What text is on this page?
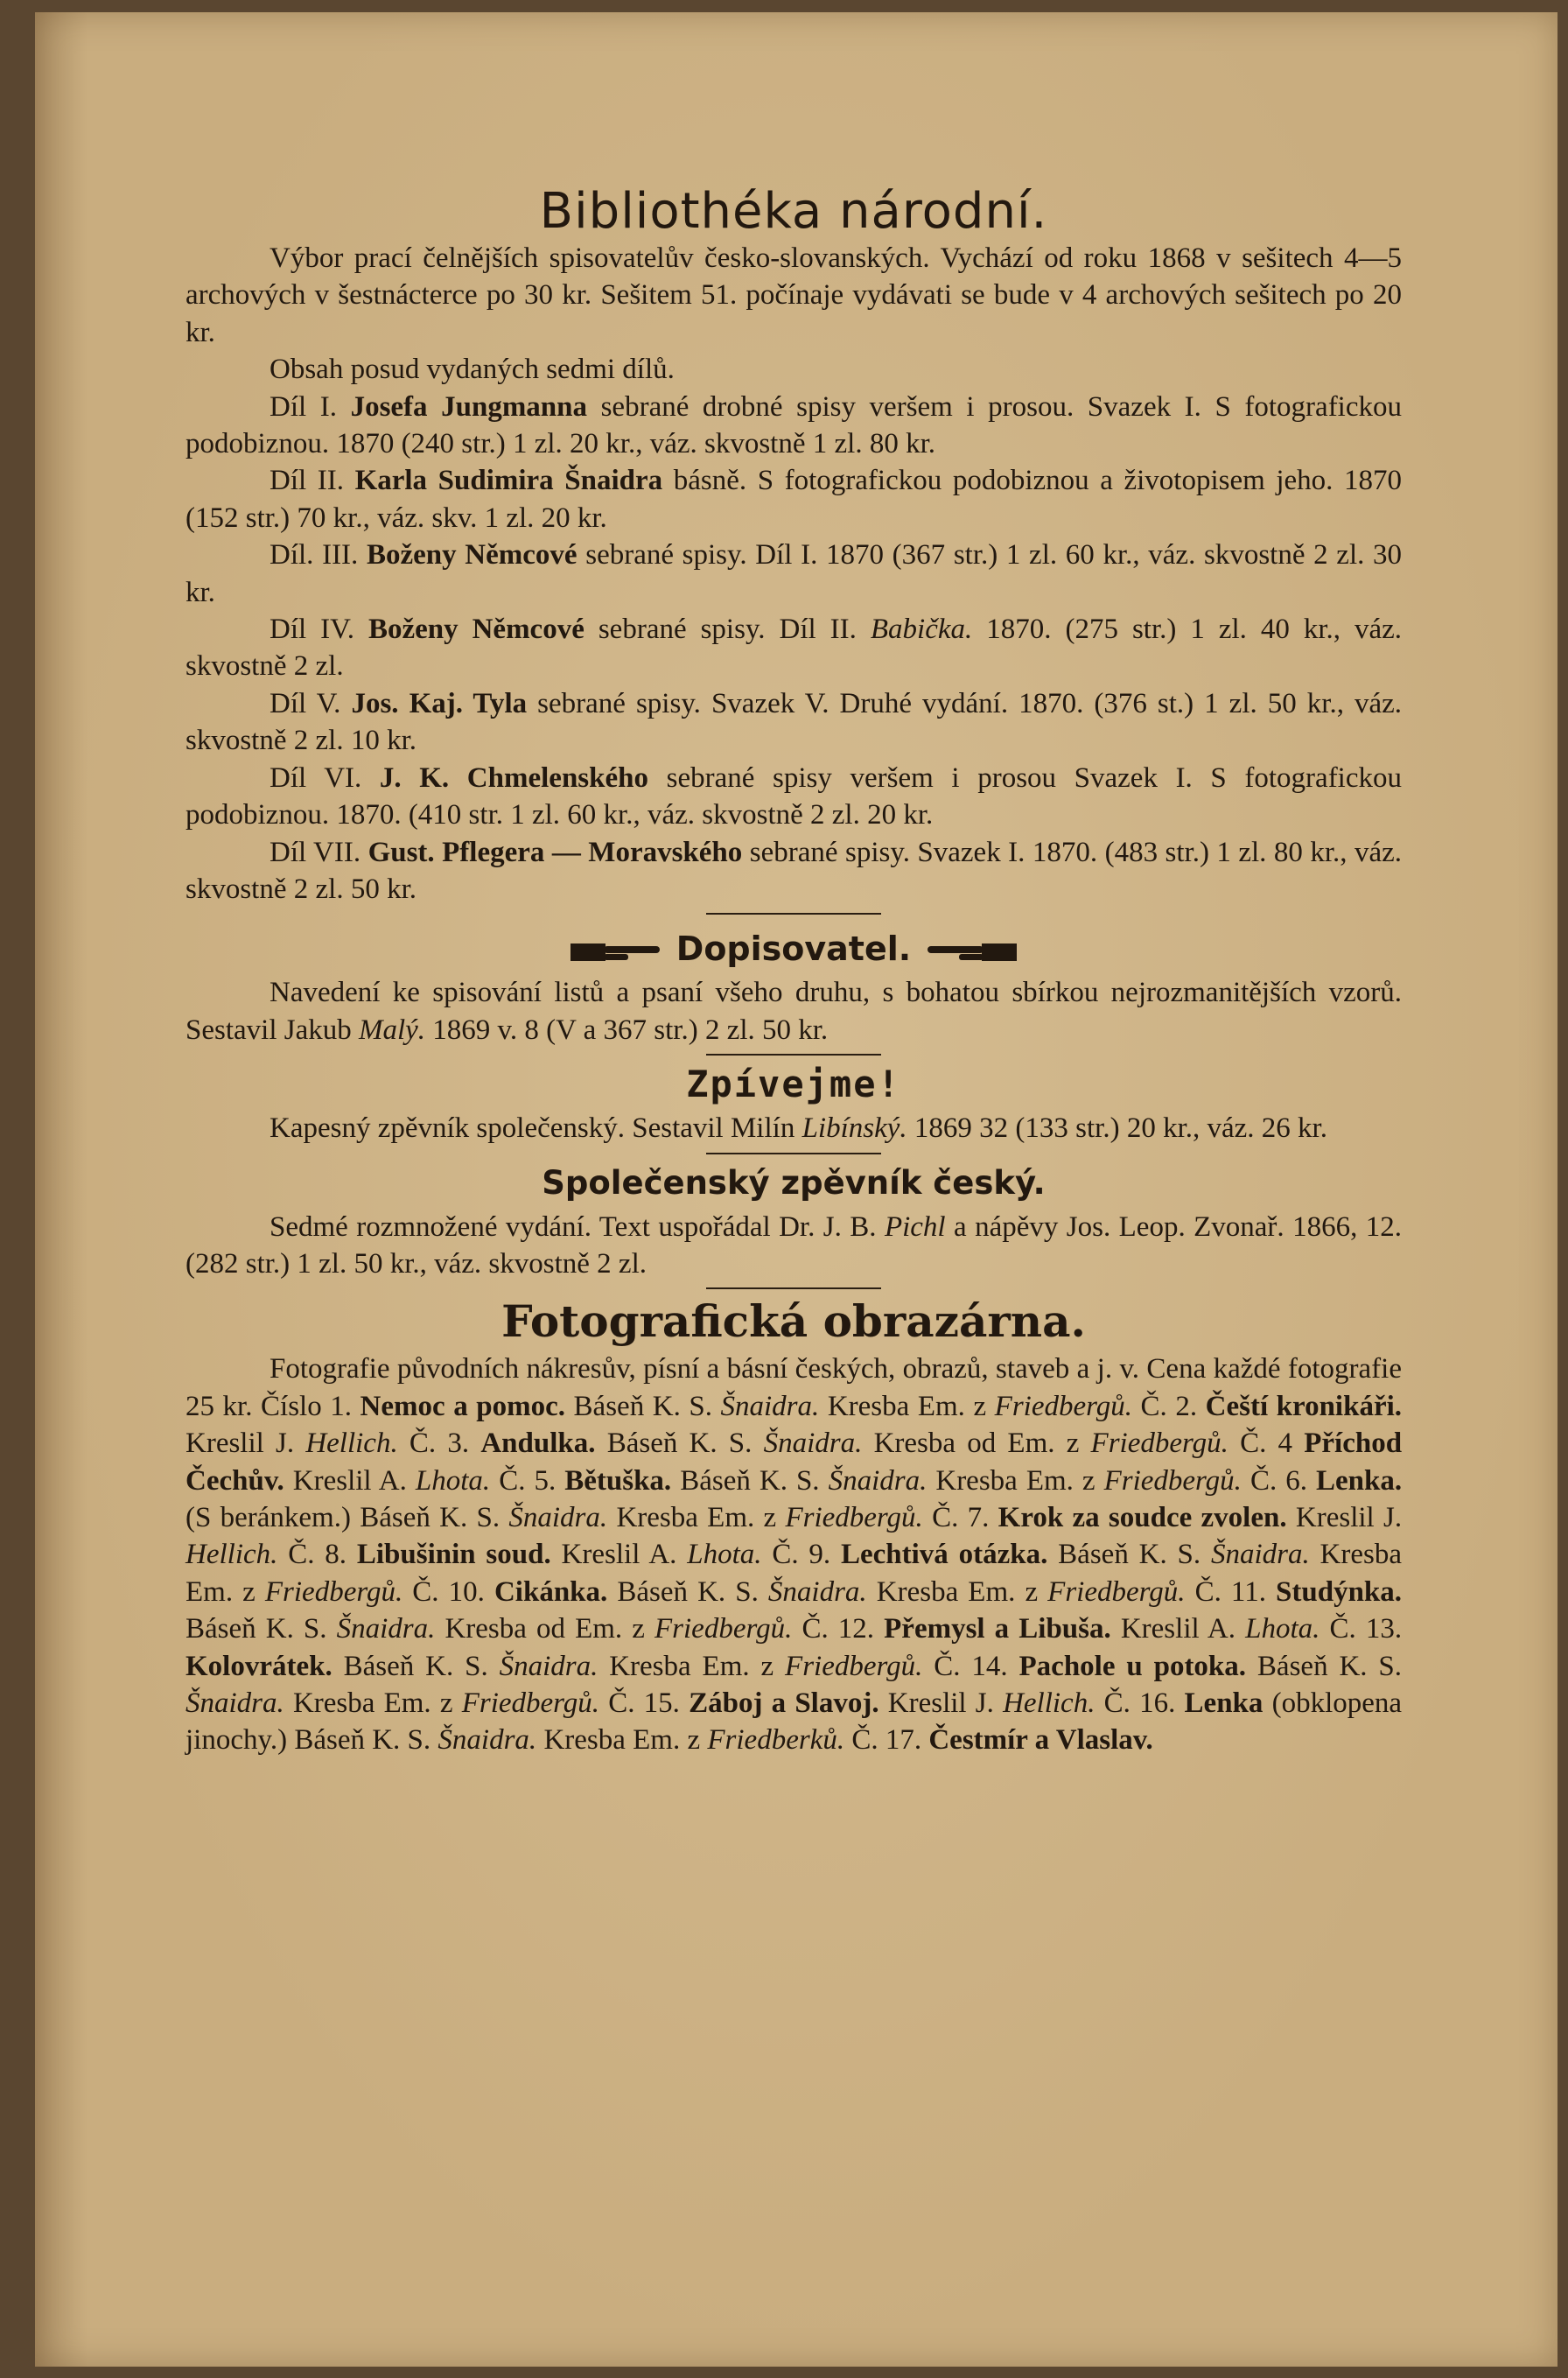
Bibliothéka národní.

Výbor prací čelnějších spisovatelův česko-slovanských. Vychází od roku 1868 v sešitech 4—5 archových v šestnácterce po 30 kr. Sešitem 51. počínaje vydávati se bude v 4 archových sešitech po 20 kr.

Obsah posud vydaných sedmi dílů.

Díl I. Josefa Jungmanna sebrané drobné spisy veršem i prosou. Svazek I. S fotografickou podobiznou. 1870 (240 str.) 1 zl. 20 kr., váz. skvostně 1 zl. 80 kr.

Díl II. Karla Sudimira Šnaidra básně. S fotografickou podobiznou a životopisem jeho. 1870 (152 str.) 70 kr., váz. skv. 1 zl. 20 kr.

Díl. III. Boženy Němcové sebrané spisy. Díl I. 1870 (367 str.) 1 zl. 60 kr., váz. skvostně 2 zl. 30 kr.

Díl IV. Boženy Němcové sebrané spisy. Díl II. Babička. 1870. (275 str.) 1 zl. 40 kr., váz. skvostně 2 zl.

Díl V. Jos. Kaj. Tyla sebrané spisy. Svazek V. Druhé vydání. 1870. (376 st.) 1 zl. 50 kr., váz. skvostně 2 zl. 10 kr.

Díl VI. J. K. Chmelenského sebrané spisy veršem i prosou Svazek I. S fotografickou podobiznou. 1870. (410 str. 1 zl. 60 kr., váz. skvostně 2 zl. 20 kr.

Díl VII. Gust. Pflegera — Moravského sebrané spisy. Svazek I. 1870. (483 str.) 1 zl. 80 kr., váz. skvostně 2 zl. 50 kr.

Dopisovatel.

Navedení ke spisování listů a psaní všeho druhu, s bohatou sbírkou nejrozmanitějších vzorů. Sestavil Jakub Malý. 1869 v. 8 (V a 367 str.) 2 zl. 50 kr.

Zpívejme!

Kapesný zpěvník společenský. Sestavil Milín Libínský. 1869 32 (133 str.) 20 kr., váz. 26 kr.

Společenský zpěvník český.

Sedmé rozmnožené vydání. Text uspořádal Dr. J. B. Pichl a nápěvy Jos. Leop. Zvonař. 1866, 12. (282 str.) 1 zl. 50 kr., váz. skvostně 2 zl.

Fotografická obrazárna.

Fotografie původních nákresův, písní a básní českých, obrazů, staveb a j. v. Cena každé fotografie 25 kr. Číslo 1. Nemoc a pomoc. Báseň K. S. Šnaidra. Kresba Em. z Friedbergů. Č. 2. Čeští kronikáři. Kreslil J. Hellich. Č. 3. Andulka. Báseň K. S. Šnaidra. Kresba od Em. z Friedbergů. Č. 4 Příchod Čechův. Kreslil A. Lhota. Č. 5. Bětuška. Báseň K. S. Šnaidra. Kresba Em. z Friedbergů. Č. 6. Lenka. (S beránkem.) Báseň K. S. Šnaidra. Kresba Em. z Friedbergů. Č. 7. Krok za soudce zvolen. Kreslil J. Hellich. Č. 8. Libušinin soud. Kreslil A. Lhota. Č. 9. Lechtivá otázka. Báseň K. S. Šnaidra. Kresba Em. z Friedbergů. Č. 10. Cikánka. Báseň K. S. Šnaidra. Kresba Em. z Friedbergů. Č. 11. Studýnka. Báseň K. S. Šnaidra. Kresba od Em. z Friedbergů. Č. 12. Přemysl a Libuša. Kreslil A. Lhota. Č. 13. Kolovrátek. Báseň K. S. Šnaidra. Kresba Em. z Friedbergů. Č. 14. Pachole u potoka. Báseň K. S. Šnaidra. Kresba Em. z Friedbergů. Č. 15. Záboj a Slavoj. Kreslil J. Hellich. Č. 16. Lenka (obklopena jinochy.) Báseň K. S. Šnaidra. Kresba Em. z Friedberků. Č. 17. Čestmír a Vlaslav.
